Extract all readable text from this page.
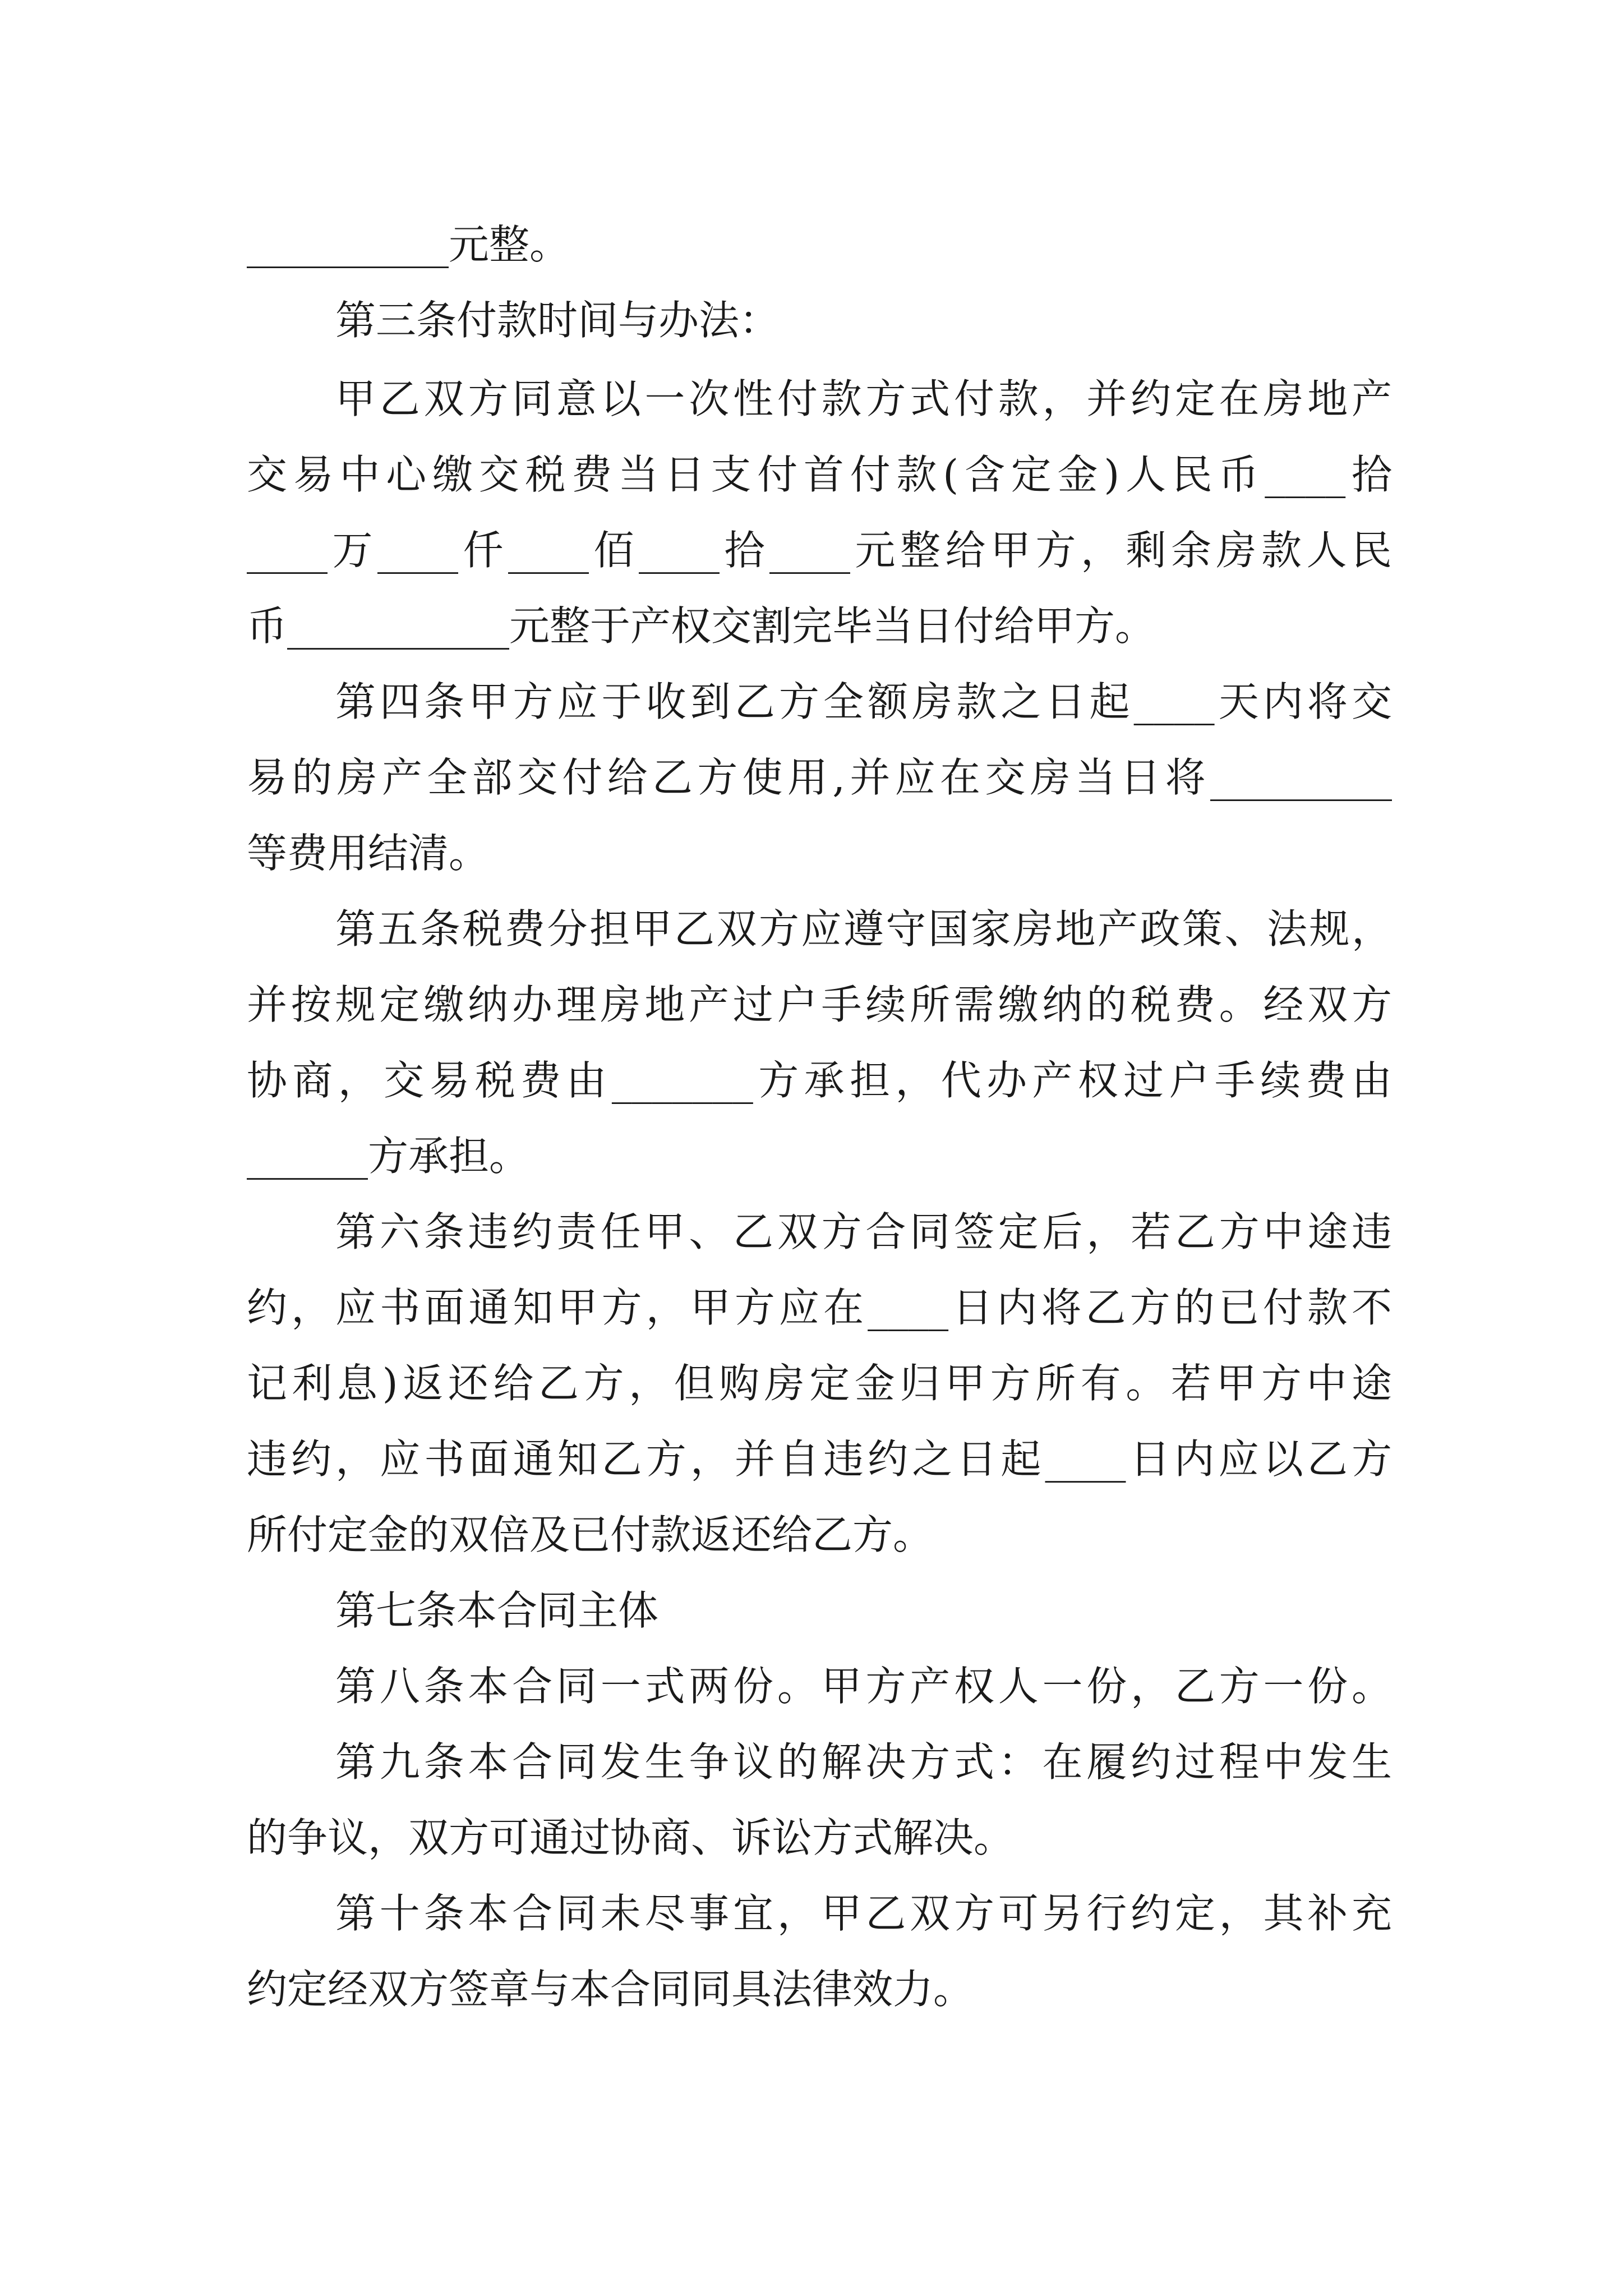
__________元整。
第三条付款时间与办法：
甲乙双方同意以一次性付款方式付款，并约定在房地产
交易中心缴交税费当日支付首付款(含定金)人民币____拾
____万____仟____佰____拾____元整给甲方，剩余房款人民
币___________元整于产权交割完毕当日付给甲方。
第四条甲方应于收到乙方全额房款之日起____天内将交
易的房产全部交付给乙方使用,并应在交房当日将_________
等费用结清。
第五条税费分担甲乙双方应遵守国家房地产政策、法规，
并按规定缴纳办理房地产过户手续所需缴纳的税费。经双方
协商，交易税费由_______方承担，代办产权过户手续费由
______方承担。
第六条违约责任甲、乙双方合同签定后，若乙方中途违
约，应书面通知甲方，甲方应在____日内将乙方的已付款不
记利息)返还给乙方，但购房定金归甲方所有。若甲方中途
违约，应书面通知乙方，并自违约之日起____日内应以乙方
所付定金的双倍及已付款返还给乙方。
第七条本合同主体
第八条本合同一式两份。甲方产权人一份，乙方一份。
第九条本合同发生争议的解决方式：在履约过程中发生
的争议，双方可通过协商、诉讼方式解决。
第十条本合同未尽事宜，甲乙双方可另行约定，其补充
约定经双方签章与本合同同具法律效力。
